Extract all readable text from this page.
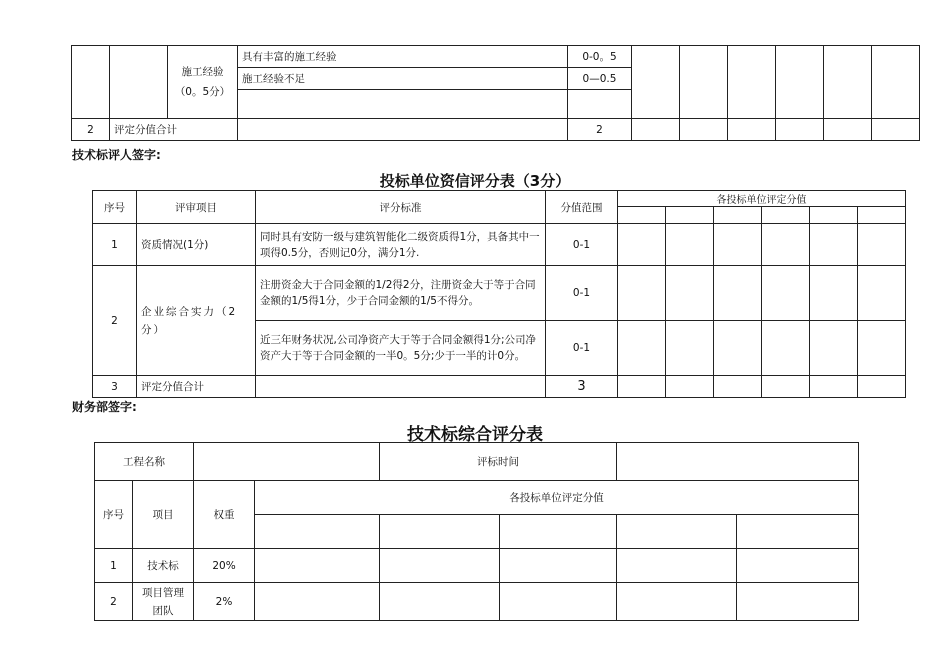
		施工经验（0。5分）	具有丰富的施工经验	0-0。5						
			施工经验不足	0—0.5						

2	评定分值合计			2						
技术标评人签字:
投标单位资信评分表（3分）
序号	评审项目	评分标准	分值范围	各投标单位评定分值					

1	资质情况(1分)	同时具有安防一级与建筑智能化二级资质得1分，具备其中一项得0.5分，否则记0分，满分1分.	0-1						
2	企业综合实力（2分）	注册资金大于合同金额的1/2得2分，注册资金大于等于合同金额的1/5得1分，少于合同金额的1/5不得分。	0-1						
		近三年财务状况,公司净资产大于等于合同金额得1分;公司净资产大于等于合同金额的一半0。5分;少于一半的计0分。	0-1						
3	评定分值合计		3						
财务部签字:
技术标综合评分表
工程名称				评标时间			
序号	项目	权重	各投标单位评定分值				

1	技术标	20%					
2	项目管理团队	2%					
